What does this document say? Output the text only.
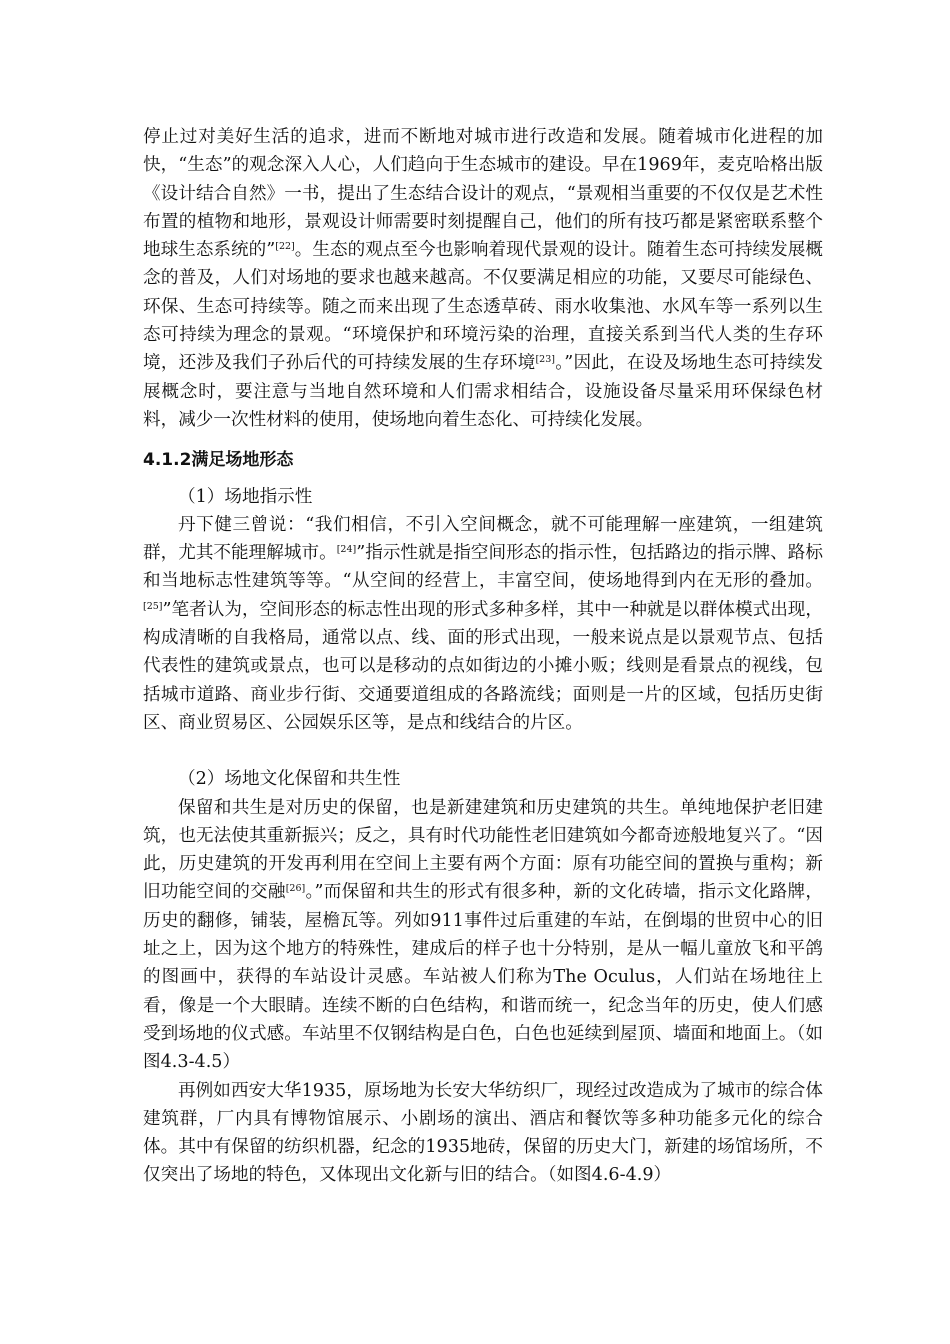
停止过对美好生活的追求，进而不断地对城市进行改造和发展。随着城市化进程的加快，“生态”的观念深入人心，人们趋向于生态城市的建设。早在1969年，麦克哈格出版《设计结合自然》一书，提出了生态结合设计的观点，“景观相当重要的不仅仅是艺术性布置的植物和地形，景观设计师需要时刻提醒自己，他们的所有技巧都是紧密联系整个地球生态系统的”[22]。生态的观点至今也影响着现代景观的设计。随着生态可持续发展概念的普及，人们对场地的要求也越来越高。不仅要满足相应的功能，又要尽可能绿色、环保、生态可持续等。随之而来出现了生态透草砖、雨水收集池、水风车等一系列以生态可持续为理念的景观。“环境保护和环境污染的治理，直接关系到当代人类的生存环境，还涉及我们子孙后代的可持续发展的生存环境[23]。”因此，在设及场地生态可持续发展概念时，要注意与当地自然环境和人们需求相结合，设施设备尽量采用环保绿色材料，减少一次性材料的使用，使场地向着生态化、可持续化发展。

4.1.2满足场地形态

（1）场地指示性

丹下健三曾说：“我们相信，不引入空间概念，就不可能理解一座建筑，一组建筑群，尤其不能理解城市。[24]”指示性就是指空间形态的指示性，包括路边的指示牌、路标和当地标志性建筑等等。“从空间的经营上，丰富空间，使场地得到内在无形的叠加。[25]”笔者认为，空间形态的标志性出现的形式多种多样，其中一种就是以群体模式出现，构成清晰的自我格局，通常以点、线、面的形式出现，一般来说点是以景观节点、包括代表性的建筑或景点，也可以是移动的点如街边的小摊小贩；线则是看景点的视线，包括城市道路、商业步行街、交通要道组成的各路流线；面则是一片的区域，包括历史街区、商业贸易区、公园娱乐区等，是点和线结合的片区。

（2）场地文化保留和共生性

保留和共生是对历史的保留，也是新建建筑和历史建筑的共生。单纯地保护老旧建筑，也无法使其重新振兴；反之，具有时代功能性老旧建筑如今都奇迹般地复兴了。“因此，历史建筑的开发再利用在空间上主要有两个方面：原有功能空间的置换与重构；新旧功能空间的交融[26]。”而保留和共生的形式有很多种，新的文化砖墙，指示文化路牌，历史的翻修，铺装，屋檐瓦等。列如911事件过后重建的车站，在倒塌的世贸中心的旧址之上，因为这个地方的特殊性，建成后的样子也十分特别，是从一幅儿童放飞和平鸽的图画中，获得的车站设计灵感。车站被人们称为The Oculus，人们站在场地往上看，像是一个大眼睛。连续不断的白色结构，和谐而统一，纪念当年的历史，使人们感受到场地的仪式感。车站里不仅钢结构是白色，白色也延续到屋顶、墙面和地面上。（如图4.3-4.5）

再例如西安大华1935，原场地为长安大华纺织厂，现经过改造成为了城市的综合体建筑群，厂内具有博物馆展示、小剧场的演出、酒店和餐饮等多种功能多元化的综合体。其中有保留的纺织机器，纪念的1935地砖，保留的历史大门，新建的场馆场所，不仅突出了场地的特色，又体现出文化新与旧的结合。（如图4.6-4.9）
